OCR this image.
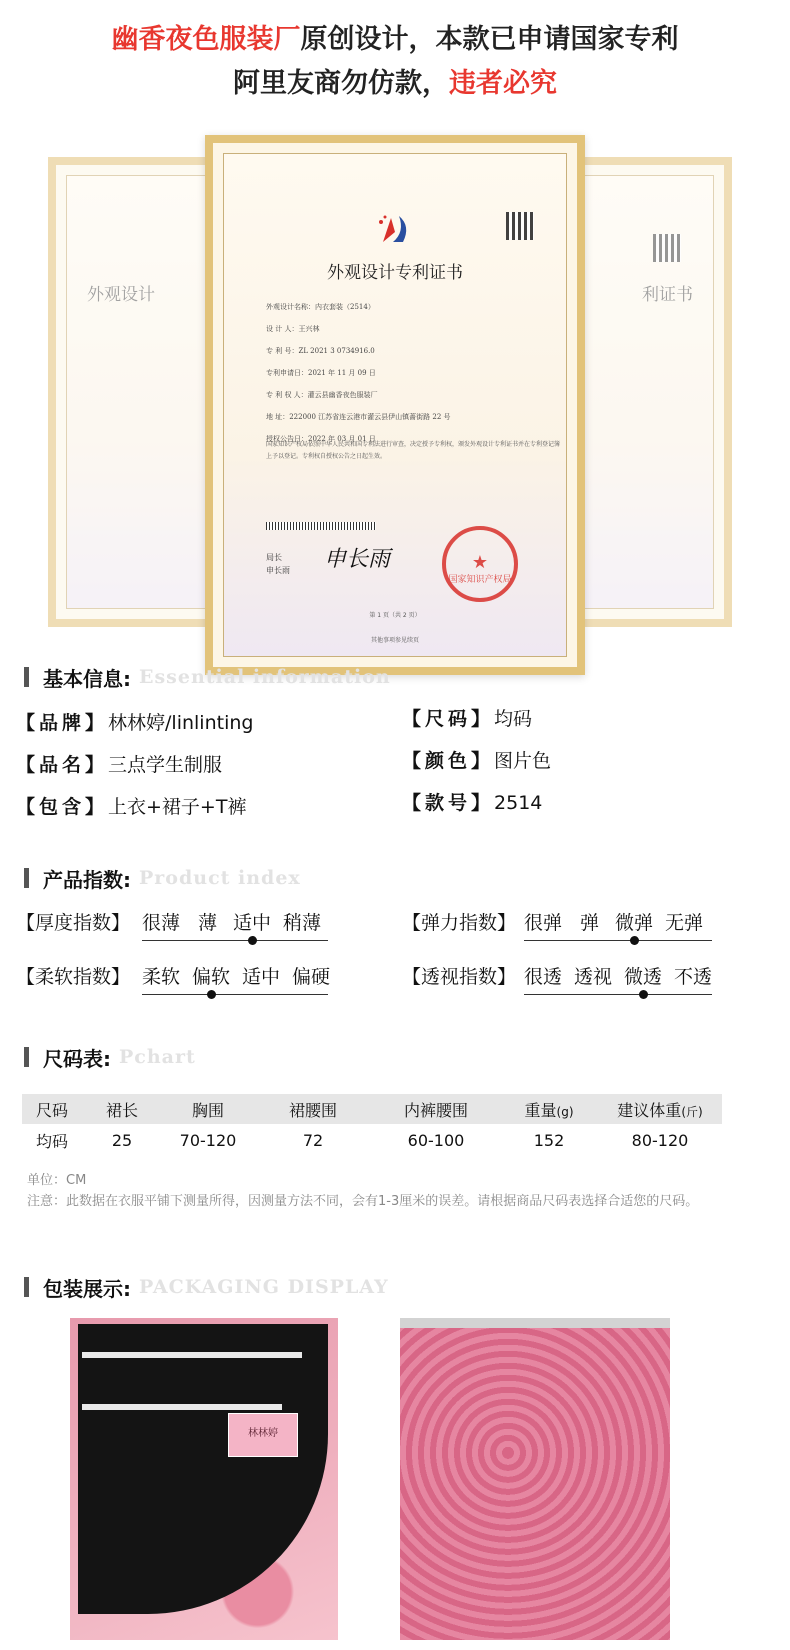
幽香夜色服装厂原创设计，本款已申请国家专利
阿里友商勿仿款，违者必究
外观设计	利证书
外观设计专利证书
外观设计名称：内衣套装（2514）
设 计 人：王兴林
专 利 号：ZL 2021 3 0734916.0
专利申请日：2021 年 11 月 09 日
专 利 权 人：灌云县幽香夜色服装厂
地 址：222000 江苏省连云港市灌云县伊山镇蔷街路 22 号
授权公告日：2022 年 03 月 01 日
国家知识产权局依照中华人民共和国专利法进行审查，决定授予专利权，颁发外观设计专利证书并在专利登记簿上予以登记。专利权自授权公告之日起生效。
局长
申长雨	申长雨	★
国家知识产权局
第 1 页（共 2 页）
其他事项参见续页
基本信息: Essential information
【品牌】林林婷/linlinting	【尺码】均码
【品名】三点学生制服	【颜色】图片色
【包含】上衣+裙子+T裤	【款号】2514
产品指数: Product index
【厚度指数】 很薄 薄 适中 稍薄	【弹力指数】 很弹 弹 微弹 无弹
【柔软指数】 柔软 偏软 适中 偏硬	【透视指数】 很透 透视 微透 不透
尺码表: Pchart
尺码	裙长	胸围	裙腰围	内裤腰围	重量(g)	建议体重(斤)
均码	25	70-120	72	60-100	152	80-120
单位：CM
注意：此数据在衣服平铺下测量所得，因测量方法不同，会有1-3厘米的误差。请根据商品尺码表选择合适您的尺码。
包装展示: PACKAGING DISPLAY
林林婷
